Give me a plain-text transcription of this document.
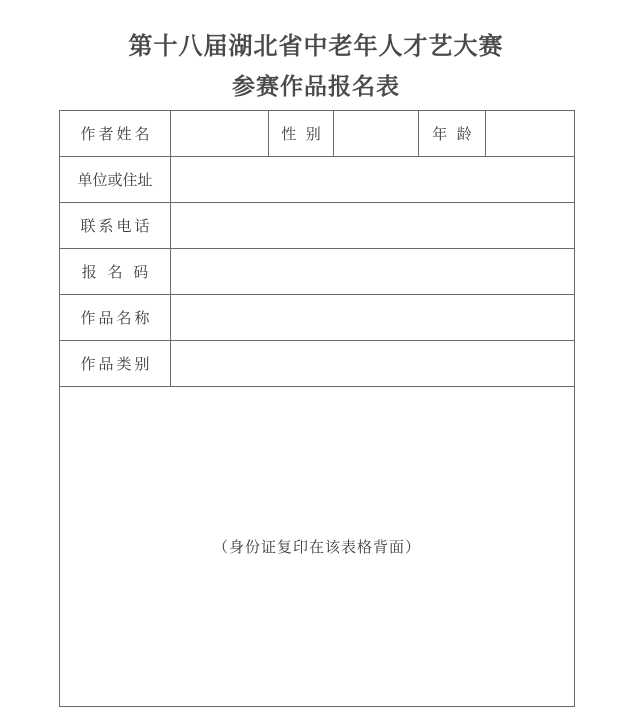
第十八届湖北省中老年人才艺大赛
参赛作品报名表
作者姓名		性  别		年  龄	
单位或住址					
联系电话					
报 名 码					
作品名称					
作品类别					
（身份证复印在该表格背面）					
